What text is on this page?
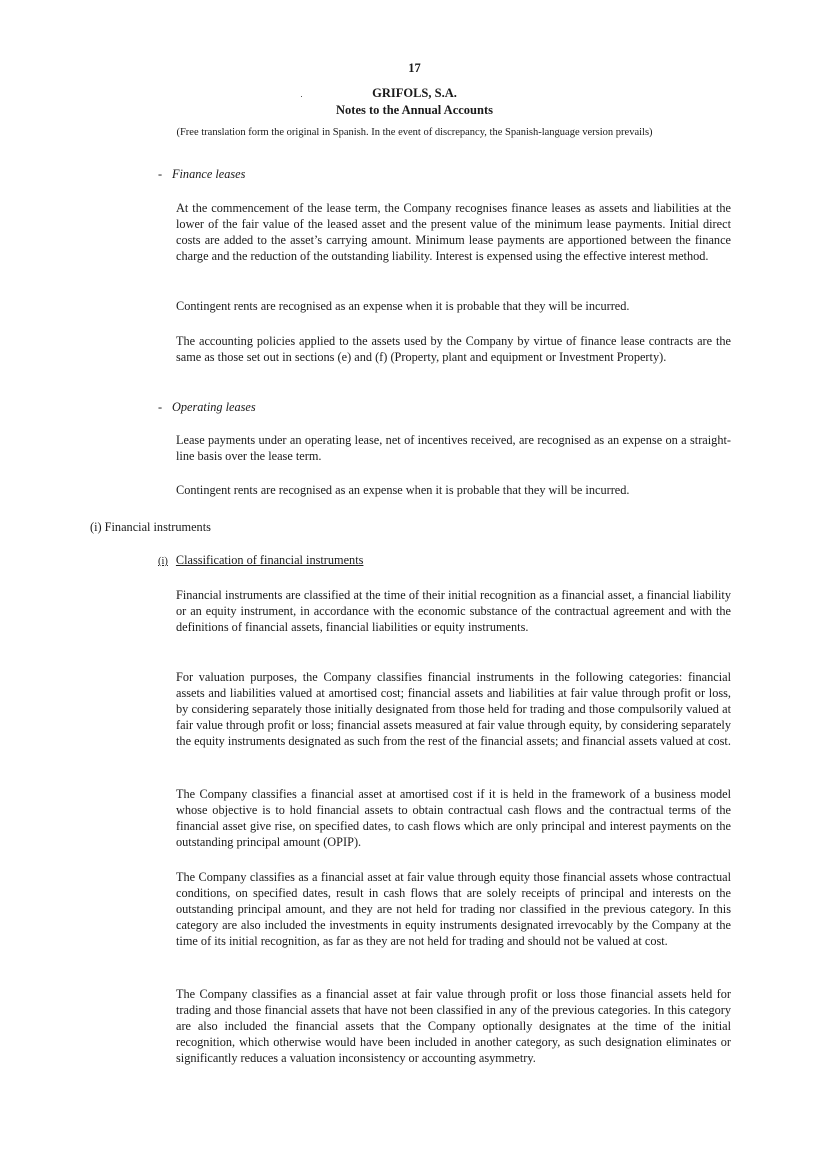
17
GRIFOLS, S.A.
Notes to the Annual Accounts
(Free translation form the original in Spanish. In the event of discrepancy, the Spanish-language version prevails)
- Finance leases
At the commencement of the lease term, the Company recognises finance leases as assets and liabilities at the lower of the fair value of the leased asset and the present value of the minimum lease payments. Initial direct costs are added to the asset’s carrying amount. Minimum lease payments are apportioned between the finance charge and the reduction of the outstanding liability. Interest is expensed using the effective interest method.
Contingent rents are recognised as an expense when it is probable that they will be incurred.
The accounting policies applied to the assets used by the Company by virtue of finance lease contracts are the same as those set out in sections (e) and (f) (Property, plant and equipment or Investment Property).
- Operating leases
Lease payments under an operating lease, net of incentives received, are recognised as an expense on a straight-line basis over the lease term.
Contingent rents are recognised as an expense when it is probable that they will be incurred.
(i) Financial instruments
(i) Classification of financial instruments
Financial instruments are classified at the time of their initial recognition as a financial asset, a financial liability or an equity instrument, in accordance with the economic substance of the contractual agreement and with the definitions of financial assets, financial liabilities or equity instruments.
For valuation purposes, the Company classifies financial instruments in the following categories: financial assets and liabilities valued at amortised cost; financial assets and liabilities at fair value through profit or loss, by considering separately those initially designated from those held for trading and those compulsorily valued at fair value through profit or loss; financial assets measured at fair value through equity, by considering separately the equity instruments designated as such from the rest of the financial assets; and financial assets valued at cost.
The Company classifies a financial asset at amortised cost if it is held in the framework of a business model whose objective is to hold financial assets to obtain contractual cash flows and the contractual terms of the financial asset give rise, on specified dates, to cash flows which are only principal and interest payments on the outstanding principal amount (OPIP).
The Company classifies as a financial asset at fair value through equity those financial assets whose contractual conditions, on specified dates, result in cash flows that are solely receipts of principal and interests on the outstanding principal amount, and they are not held for trading nor classified in the previous category. In this category are also included the investments in equity instruments designated irrevocably by the Company at the time of its initial recognition, as far as they are not held for trading and should not be valued at cost.
The Company classifies as a financial asset at fair value through profit or loss those financial assets held for trading and those financial assets that have not been classified in any of the previous categories. In this category are also included the financial assets that the Company optionally designates at the time of the initial recognition, which otherwise would have been included in another category, as such designation eliminates or significantly reduces a valuation inconsistency or accounting asymmetry.
